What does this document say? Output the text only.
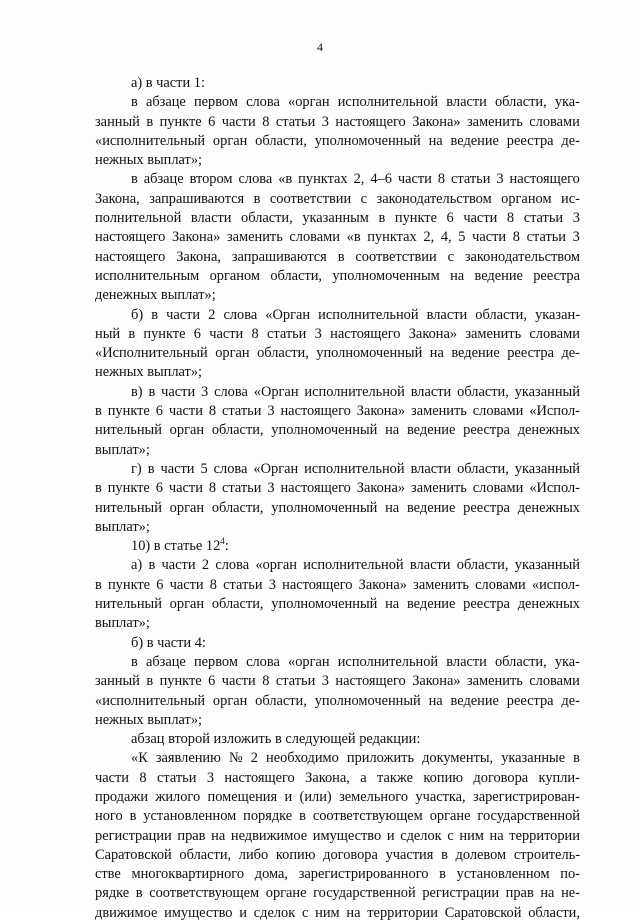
4
а) в части 1:
в абзаце первом слова «орган исполнительной власти области, ука-
занный в пункте 6 части 8 статьи 3 настоящего Закона» заменить словами
«исполнительный орган области, уполномоченный на ведение реестра де-
нежных выплат»;
в абзаце втором слова «в пунктах 2, 4–6 части 8 статьи 3 настоящего
Закона, запрашиваются в соответствии с законодательством органом ис-
полнительной власти области, указанным в пункте 6 части 8 статьи 3
настоящего Закона» заменить словами «в пунктах 2, 4, 5 части 8 статьи 3
настоящего Закона, запрашиваются в соответствии с законодательством
исполнительным органом области, уполномоченным на ведение реестра
денежных выплат»;
б) в части 2 слова «Орган исполнительной власти области, указан-
ный в пункте 6 части 8 статьи 3 настоящего Закона» заменить словами
«Исполнительный орган области, уполномоченный на ведение реестра де-
нежных выплат»;
в) в части 3 слова «Орган исполнительной власти области, указанный
в пункте 6 части 8 статьи 3 настоящего Закона» заменить словами «Испол-
нительный орган области, уполномоченный на ведение реестра денежных
выплат»;
г) в части 5 слова «Орган исполнительной власти области, указанный
в пункте 6 части 8 статьи 3 настоящего Закона» заменить словами «Испол-
нительный орган области, уполномоченный на ведение реестра денежных
выплат»;
10) в статье $12^4$:
а) в части 2 слова «орган исполнительной власти области, указанный
в пункте 6 части 8 статьи 3 настоящего Закона» заменить словами «испол-
нительный орган области, уполномоченный на ведение реестра денежных
выплат»;
б) в части 4:
в абзаце первом слова «орган исполнительной власти области, ука-
занный в пункте 6 части 8 статьи 3 настоящего Закона» заменить словами
«исполнительный орган области, уполномоченный на ведение реестра де-
нежных выплат»;
абзац второй изложить в следующей редакции:
«К заявлению № 2 необходимо приложить документы, указанные в
части 8 статьи 3 настоящего Закона, а также копию договора купли-
продажи жилого помещения и (или) земельного участка, зарегистрирован-
ного в установленном порядке в соответствующем органе государственной
регистрации прав на недвижимое имущество и сделок с ним на территории
Саратовской области, либо копию договора участия в долевом строитель-
стве многоквартирного дома, зарегистрированного в установленном по-
рядке в соответствующем органе государственной регистрации прав на не-
движимое имущество и сделок с ним на территории Саратовской области,
